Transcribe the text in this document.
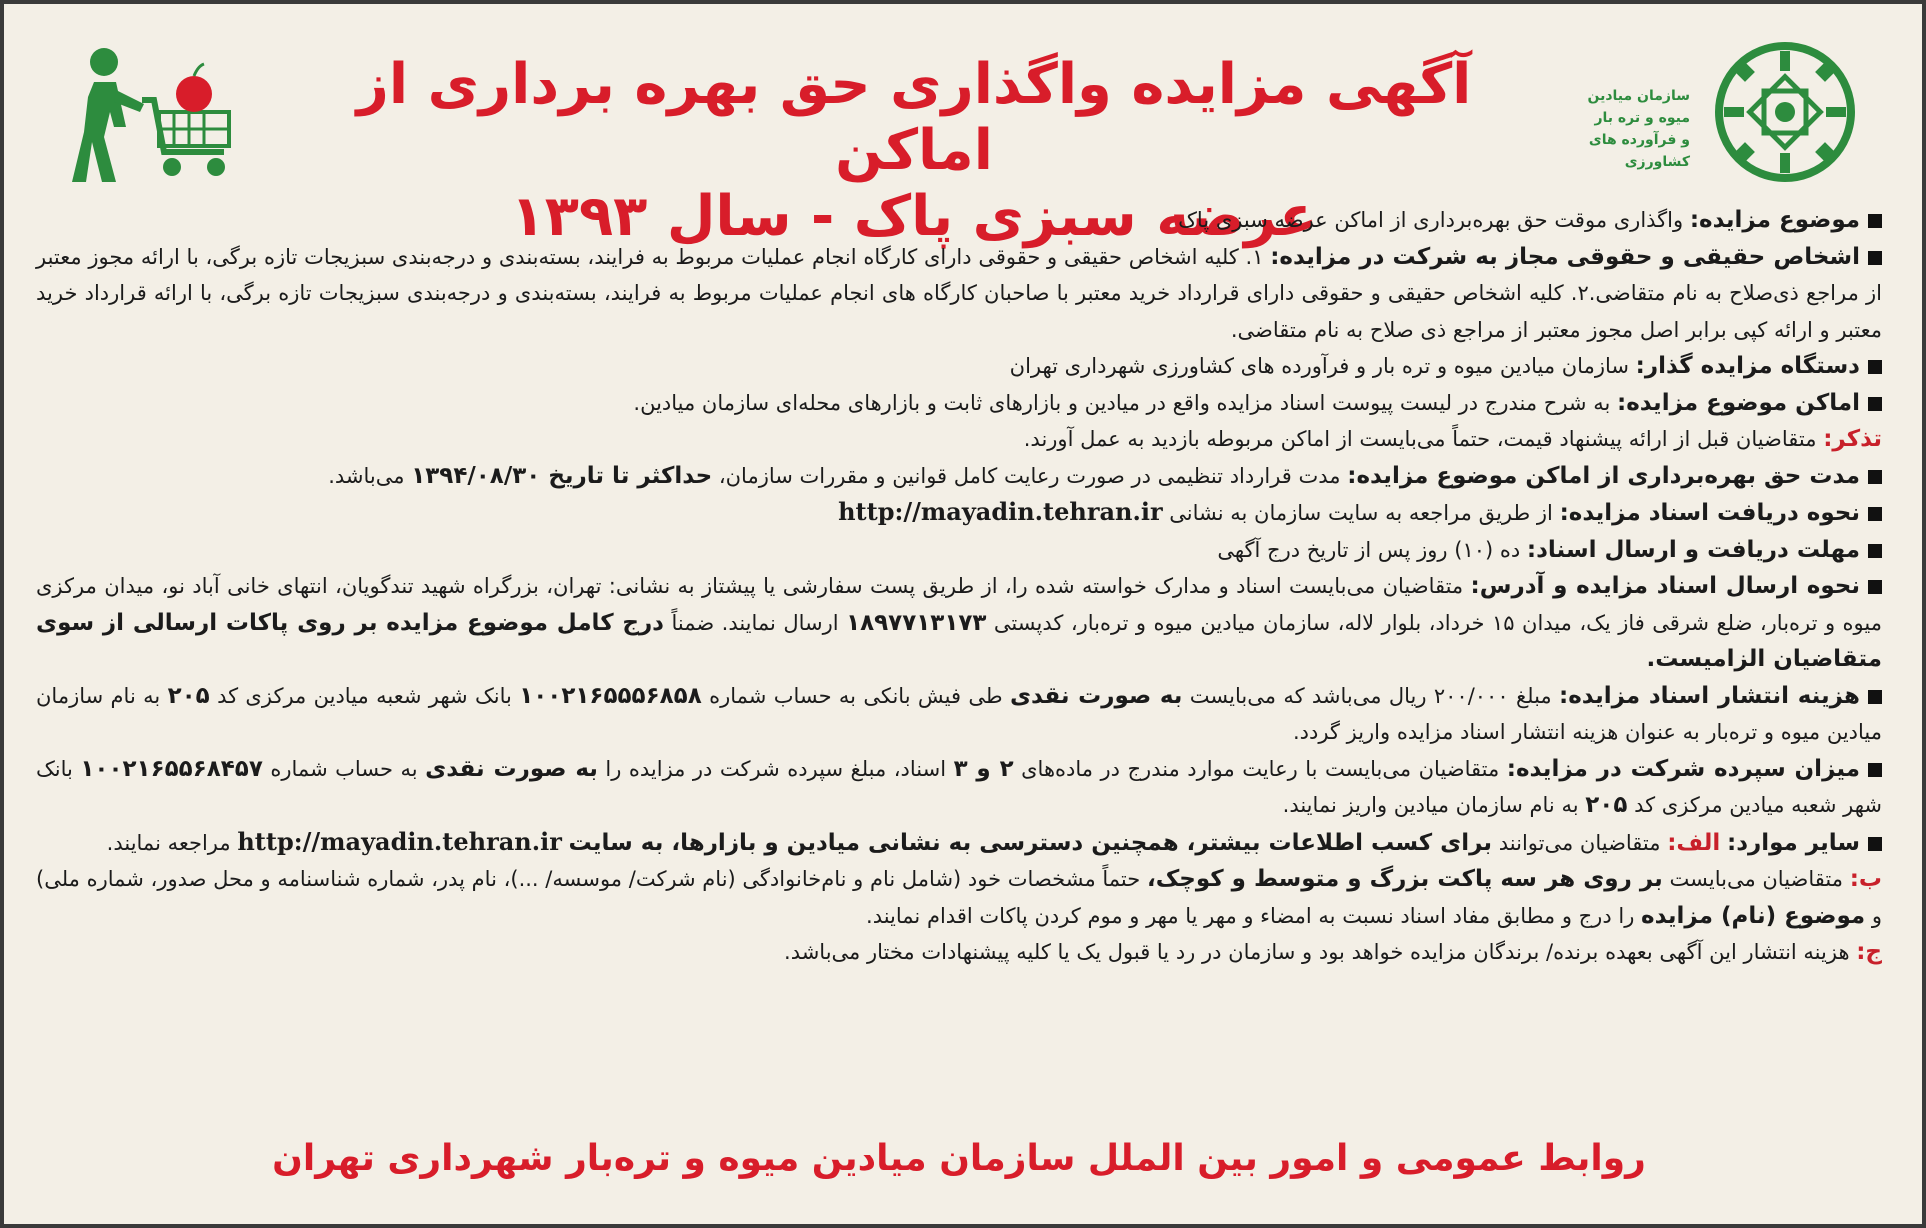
آگهی مزایده واگذاری حق بهره برداری از اماکن
عرضه سبزی پاک - سال ۱۳۹۳
سازمان میادین
میوه و تره بار
و فرآورده های
کشاورزی

موضوع مزایده: واگذاری موقت حق بهره‌برداری از اماکن عرضه سبزی پاک

اشخاص حقیقی و حقوقی مجاز به شرکت در مزایده: ۱. کلیه اشخاص حقیقی و حقوقی دارای کارگاه انجام عملیات مربوط به فرایند، بسته‌بندی و درجه‌بندی سبزیجات تازه برگی، با ارائه مجوز معتبر از مراجع ذی‌صلاح به نام متقاضی.۲. کلیه اشخاص حقیقی و حقوقی دارای قرارداد خرید معتبر با صاحبان کارگاه های انجام عملیات مربوط به فرایند، بسته‌بندی و درجه‌بندی سبزیجات تازه برگی، با ارائه قرارداد خرید معتبر و ارائه کپی برابر اصل مجوز معتبر از مراجع ذی صلاح به نام متقاضی.

دستگاه مزایده گذار: سازمان میادین میوه و تره بار و فرآورده های کشاورزی شهرداری تهران

اماکن موضوع مزایده: به شرح مندرج در لیست پیوست اسناد مزایده واقع در میادین و بازارهای ثابت و بازارهای محله‌ای سازمان میادین.

تذکر: متقاضیان قبل از ارائه پیشنهاد قیمت، حتماً می‌بایست از اماکن مربوطه بازدید به عمل آورند.

مدت حق بهره‌برداری از اماکن موضوع مزایده: مدت قرارداد تنظیمی در صورت رعایت کامل قوانین و مقررات سازمان، حداکثر تا تاریخ ۱۳۹۴/۰۸/۳۰ می‌باشد.

نحوه دریافت اسناد مزایده: از طریق مراجعه به سایت سازمان به نشانی http://mayadin.tehran.ir

مهلت دریافت و ارسال اسناد: ده (۱۰) روز پس از تاریخ درج آگهی

نحوه ارسال اسناد مزایده و آدرس: متقاضیان می‌بایست اسناد و مدارک خواسته شده را، از طریق پست سفارشی یا پیشتاز به نشانی: تهران، بزرگراه شهید تندگویان، انتهای خانی آباد نو، میدان مرکزی میوه و تره‌بار، ضلع شرقی فاز یک، میدان ۱۵ خرداد، بلوار لاله، سازمان میادین میوه و تره‌بار، کدپستی ۱۸۹۷۷۱۳۱۷۳ ارسال نمایند. ضمناً درج کامل موضوع مزایده بر روی پاکات ارسالی از سوی متقاضیان الزامیست.

هزینه انتشار اسناد مزایده: مبلغ ۲۰۰/۰۰۰ ریال می‌باشد که می‌بایست به صورت نقدی طی فیش بانکی به حساب شماره ۱۰۰۲۱۶۵۵۵۶۸۵۸ بانک شهر شعبه میادین مرکزی کد ۲۰۵ به نام سازمان میادین میوه و تره‌بار به عنوان هزینه انتشار اسناد مزایده واریز گردد.

میزان سپرده شرکت در مزایده: متقاضیان می‌بایست با رعایت موارد مندرج در ماده‌های ۲ و ۳ اسناد، مبلغ سپرده شرکت در مزایده را به صورت نقدی به حساب شماره ۱۰۰۲۱۶۵۵۶۸۴۵۷ بانک شهر شعبه میادین مرکزی کد ۲۰۵ به نام سازمان میادین واریز نمایند.

سایر موارد: الف: متقاضیان می‌توانند برای کسب اطلاعات بیشتر، همچنین دسترسی به نشانی میادین و بازارها، به سایت http://mayadin.tehran.ir مراجعه نمایند.

ب: متقاضیان می‌بایست بر روی هر سه پاکت بزرگ و متوسط و کوچک، حتماً مشخصات خود (شامل نام و نام‌خانوادگی (نام شرکت/ موسسه/ ...)، نام پدر، شماره شناسنامه و محل صدور، شماره ملی) و موضوع (نام) مزایده را درج و مطابق مفاد اسناد نسبت به امضاء و مهر یا مهر و موم کردن پاکات اقدام نمایند.

ج: هزینه انتشار این آگهی بعهده برنده/ برندگان مزایده خواهد بود و سازمان در رد یا قبول یک یا کلیه پیشنهادات مختار می‌باشد.

روابط عمومی و امور بین الملل سازمان میادین میوه و تره‌بار شهرداری تهران
